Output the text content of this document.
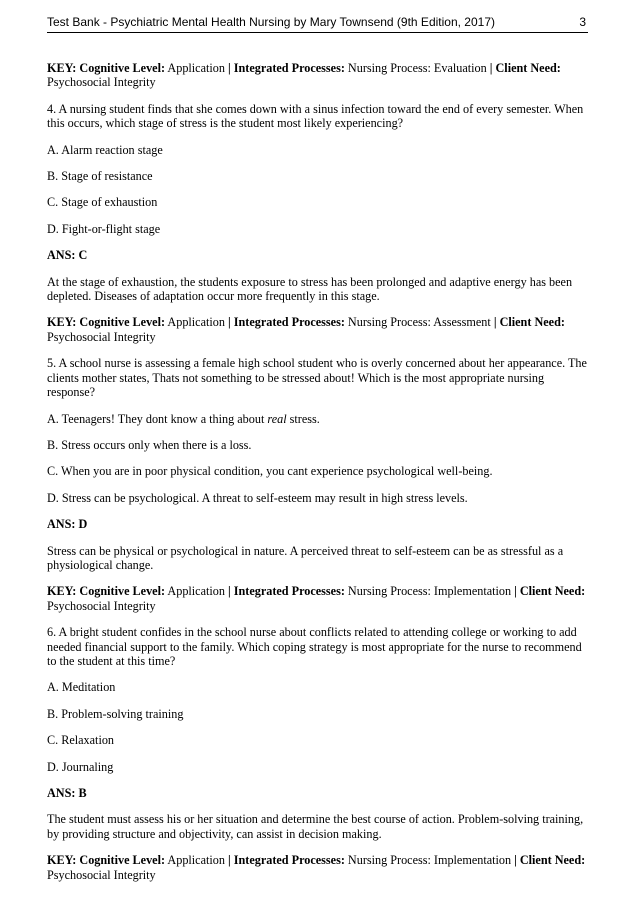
Test Bank - Psychiatric Mental Health Nursing by Mary Townsend (9th Edition, 2017)	3

KEY: Cognitive Level: Application | Integrated Processes: Nursing Process: Evaluation | Client Need: Psychosocial Integrity

4. A nursing student finds that she comes down with a sinus infection toward the end of every semester. When this occurs, which stage of stress is the student most likely experiencing?

A. Alarm reaction stage

B. Stage of resistance

C. Stage of exhaustion

D. Fight-or-flight stage

ANS: C

At the stage of exhaustion, the students exposure to stress has been prolonged and adaptive energy has been depleted. Diseases of adaptation occur more frequently in this stage.

KEY: Cognitive Level: Application | Integrated Processes: Nursing Process: Assessment | Client Need: Psychosocial Integrity

5. A school nurse is assessing a female high school student who is overly concerned about her appearance. The clients mother states, Thats not something to be stressed about! Which is the most appropriate nursing response?

A. Teenagers! They dont know a thing about real stress.

B. Stress occurs only when there is a loss.

C. When you are in poor physical condition, you cant experience psychological well-being.

D. Stress can be psychological. A threat to self-esteem may result in high stress levels.

ANS: D

Stress can be physical or psychological in nature. A perceived threat to self-esteem can be as stressful as a physiological change.

KEY: Cognitive Level: Application | Integrated Processes: Nursing Process: Implementation | Client Need: Psychosocial Integrity

6. A bright student confides in the school nurse about conflicts related to attending college or working to add needed financial support to the family. Which coping strategy is most appropriate for the nurse to recommend to the student at this time?

A. Meditation

B. Problem-solving training

C. Relaxation

D. Journaling

ANS: B

The student must assess his or her situation and determine the best course of action. Problem-solving training, by providing structure and objectivity, can assist in decision making.

KEY: Cognitive Level: Application | Integrated Processes: Nursing Process: Implementation | Client Need: Psychosocial Integrity
